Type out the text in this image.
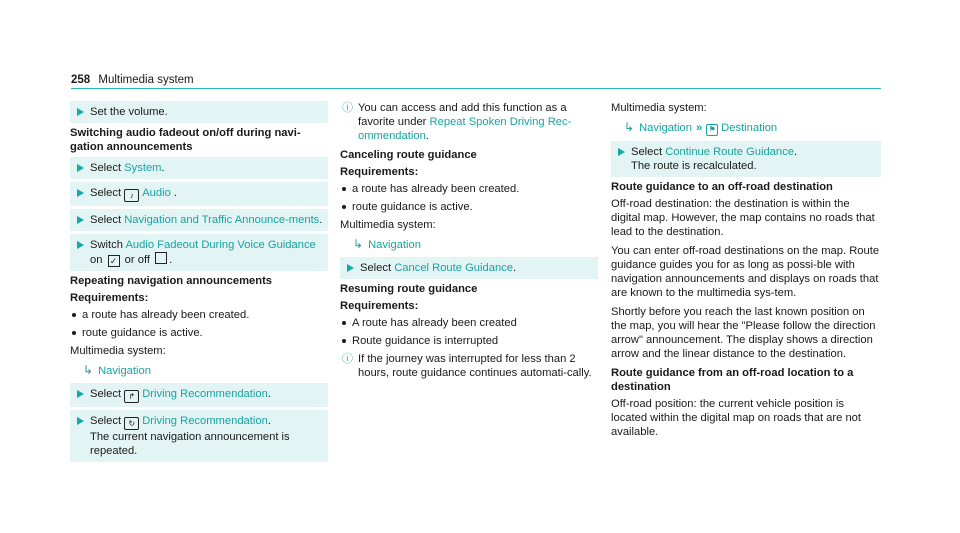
258 Multimedia system
Set the volume.
Switching audio fadeout on/off during navi-gation announcements
Select System.
Select ♪ Audio .
Select Navigation and Traffic Announce-ments.
Switch Audio Fadeout During Voice Guidance
on ✓ or off .
Repeating navigation announcements
Requirements:
a route has already been created.
route guidance is active.

Multimedia system:

↳ Navigation
Select ↱ Driving Recommendation.
Select ↻ Driving Recommendation.
The current navigation announcement is repeated.
ⓘ You can access and add this function as a favorite under Repeat Spoken Driving Rec-ommendation.
Canceling route guidance
Requirements:
a route has already been created.
route guidance is active.

Multimedia system:

↳ Navigation
Select Cancel Route Guidance.
Resuming route guidance
Requirements:
A route has already been created
Route guidance is interrupted
ⓘ If the journey was interrupted for less than 2 hours, route guidance continues automati-cally.

Multimedia system:

↳ Navigation » ⚑ Destination
Select Continue Route Guidance.
The route is recalculated.
Route guidance to an off-road destination

Off-road destination: the destination is within the digital map. However, the map contains no roads that lead to the destination.

You can enter off-road destinations on the map. Route guidance guides you for as long as possi-ble with navigation announcements and displays on roads that are known to the multimedia sys-tem.

Shortly before you reach the last known position on the map, you will hear the "Please follow the direction arrow" announcement. The display shows a direction arrow and the linear distance to the destination.

Route guidance from an off-road location to a destination

Off-road position: the current vehicle position is located within the digital map on roads that are not available.
